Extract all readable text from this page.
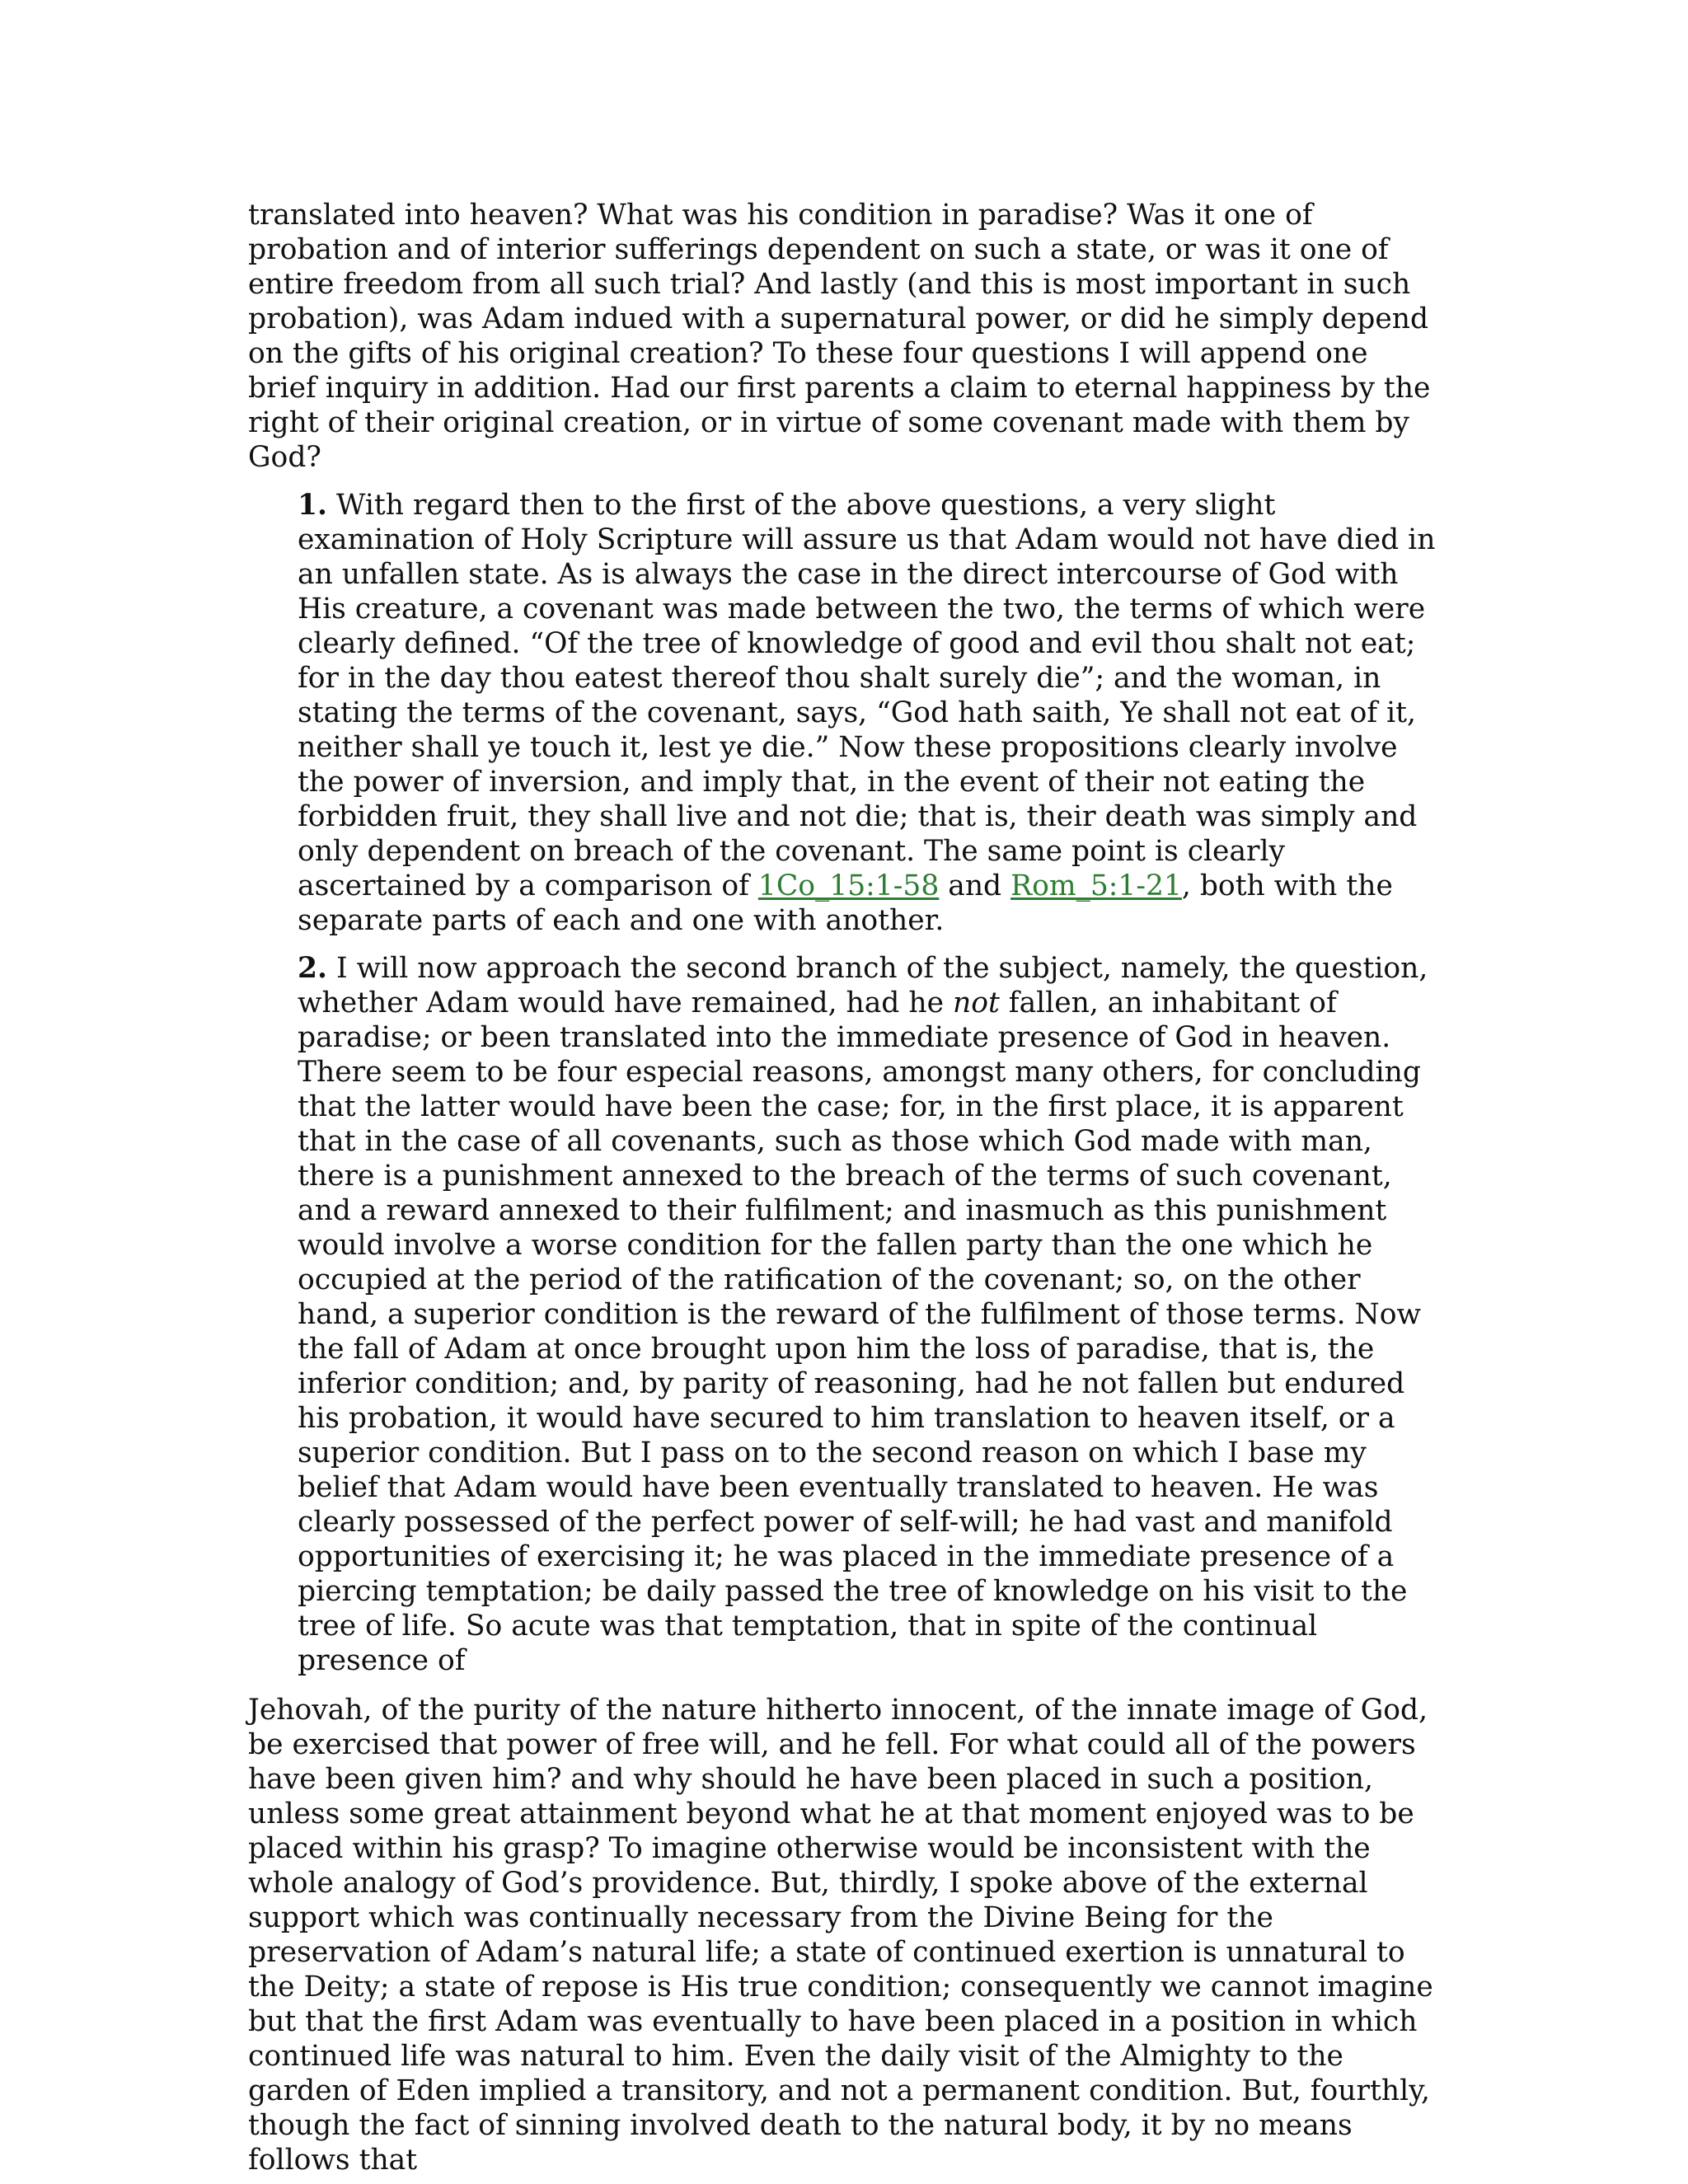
translated into heaven? What was his condition in paradise? Was it one of probation and of interior sufferings dependent on such a state, or was it one of entire freedom from all such trial? And lastly (and this is most important in such probation), was Adam indued with a supernatural power, or did he simply depend on the gifts of his original creation? To these four questions I will append one brief inquiry in addition. Had our first parents a claim to eternal happiness by the right of their original creation, or in virtue of some covenant made with them by God?

1. With regard then to the first of the above questions, a very slight examination of Holy Scripture will assure us that Adam would not have died in an unfallen state. As is always the case in the direct intercourse of God with His creature, a covenant was made between the two, the terms of which were clearly defined. “Of the tree of knowledge of good and evil thou shalt not eat; for in the day thou eatest thereof thou shalt surely die”; and the woman, in stating the terms of the covenant, says, “God hath saith, Ye shall not eat of it, neither shall ye touch it, lest ye die.” Now these propositions clearly involve the power of inversion, and imply that, in the event of their not eating the forbidden fruit, they shall live and not die; that is, their death was simply and only dependent on breach of the covenant. The same point is clearly ascertained by a comparison of 1Co_15:1-58 and Rom_5:1-21, both with the separate parts of each and one with another.

2. I will now approach the second branch of the subject, namely, the question, whether Adam would have remained, had he not fallen, an inhabitant of paradise; or been translated into the immediate presence of God in heaven. There seem to be four especial reasons, amongst many others, for concluding that the latter would have been the case; for, in the first place, it is apparent that in the case of all covenants, such as those which God made with man, there is a punishment annexed to the breach of the terms of such covenant, and a reward annexed to their fulfilment; and inasmuch as this punishment would involve a worse condition for the fallen party than the one which he occupied at the period of the ratification of the covenant; so, on the other hand, a superior condition is the reward of the fulfilment of those terms. Now the fall of Adam at once brought upon him the loss of paradise, that is, the inferior condition; and, by parity of reasoning, had he not fallen but endured his probation, it would have secured to him translation to heaven itself, or a superior condition. But I pass on to the second reason on which I base my belief that Adam would have been eventually translated to heaven. He was clearly possessed of the perfect power of self-will; he had vast and manifold opportunities of exercising it; he was placed in the immediate presence of a piercing temptation; be daily passed the tree of knowledge on his visit to the tree of life. So acute was that temptation, that in spite of the continual presence of

Jehovah, of the purity of the nature hitherto innocent, of the innate image of God, be exercised that power of free will, and he fell. For what could all of the powers have been given him? and why should he have been placed in such a position, unless some great attainment beyond what he at that moment enjoyed was to be placed within his grasp? To imagine otherwise would be inconsistent with the whole analogy of God’s providence. But, thirdly, I spoke above of the external support which was continually necessary from the Divine Being for the preservation of Adam’s natural life; a state of continued exertion is unnatural to the Deity; a state of repose is His true condition; consequently we cannot imagine but that the first Adam was eventually to have been placed in a position in which continued life was natural to him. Even the daily visit of the Almighty to the garden of Eden implied a transitory, and not a permanent condition. But, fourthly, though the fact of sinning involved death to the natural body, it by no means follows that
